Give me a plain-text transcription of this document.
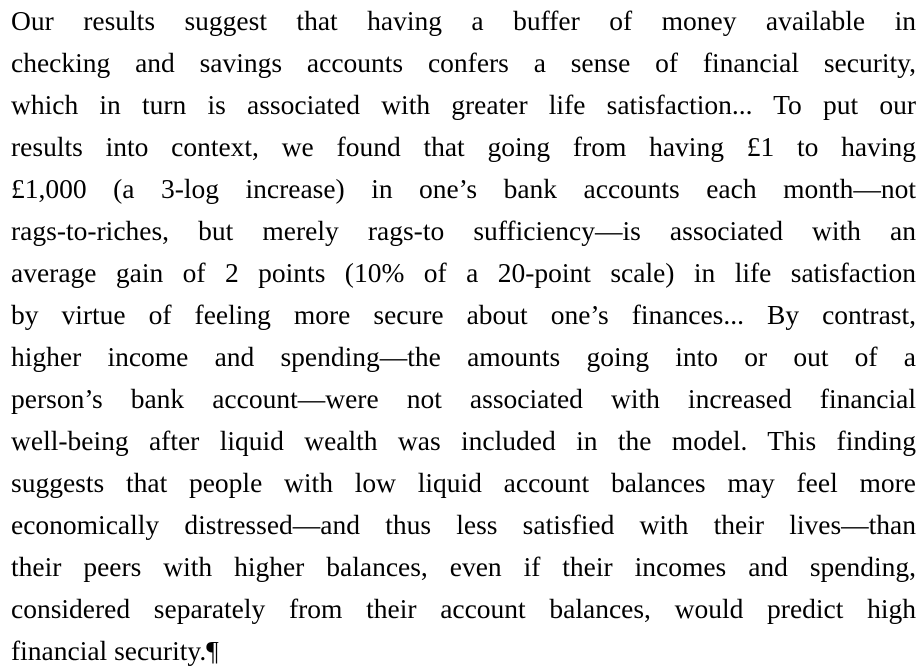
Our results suggest that having a buffer of money available in
checking and savings accounts confers a sense of financial security,
which in turn is associated with greater life satisfaction... To put our
results into context, we found that going from having £1 to having
£1,000 (a 3-log increase) in one’s bank accounts each month—not
rags-to-riches, but merely rags-to sufficiency—is associated with an
average gain of 2 points (10% of a 20-point scale) in life satisfaction
by virtue of feeling more secure about one’s finances... By contrast,
higher income and spending—the amounts going into or out of a
person’s bank account—were not associated with increased financial
well-being after liquid wealth was included in the model. This finding
suggests that people with low liquid account balances may feel more
economically distressed—and thus less satisfied with their lives—than
their peers with higher balances, even if their incomes and spending,
considered separately from their account balances, would predict high
financial security.¶
